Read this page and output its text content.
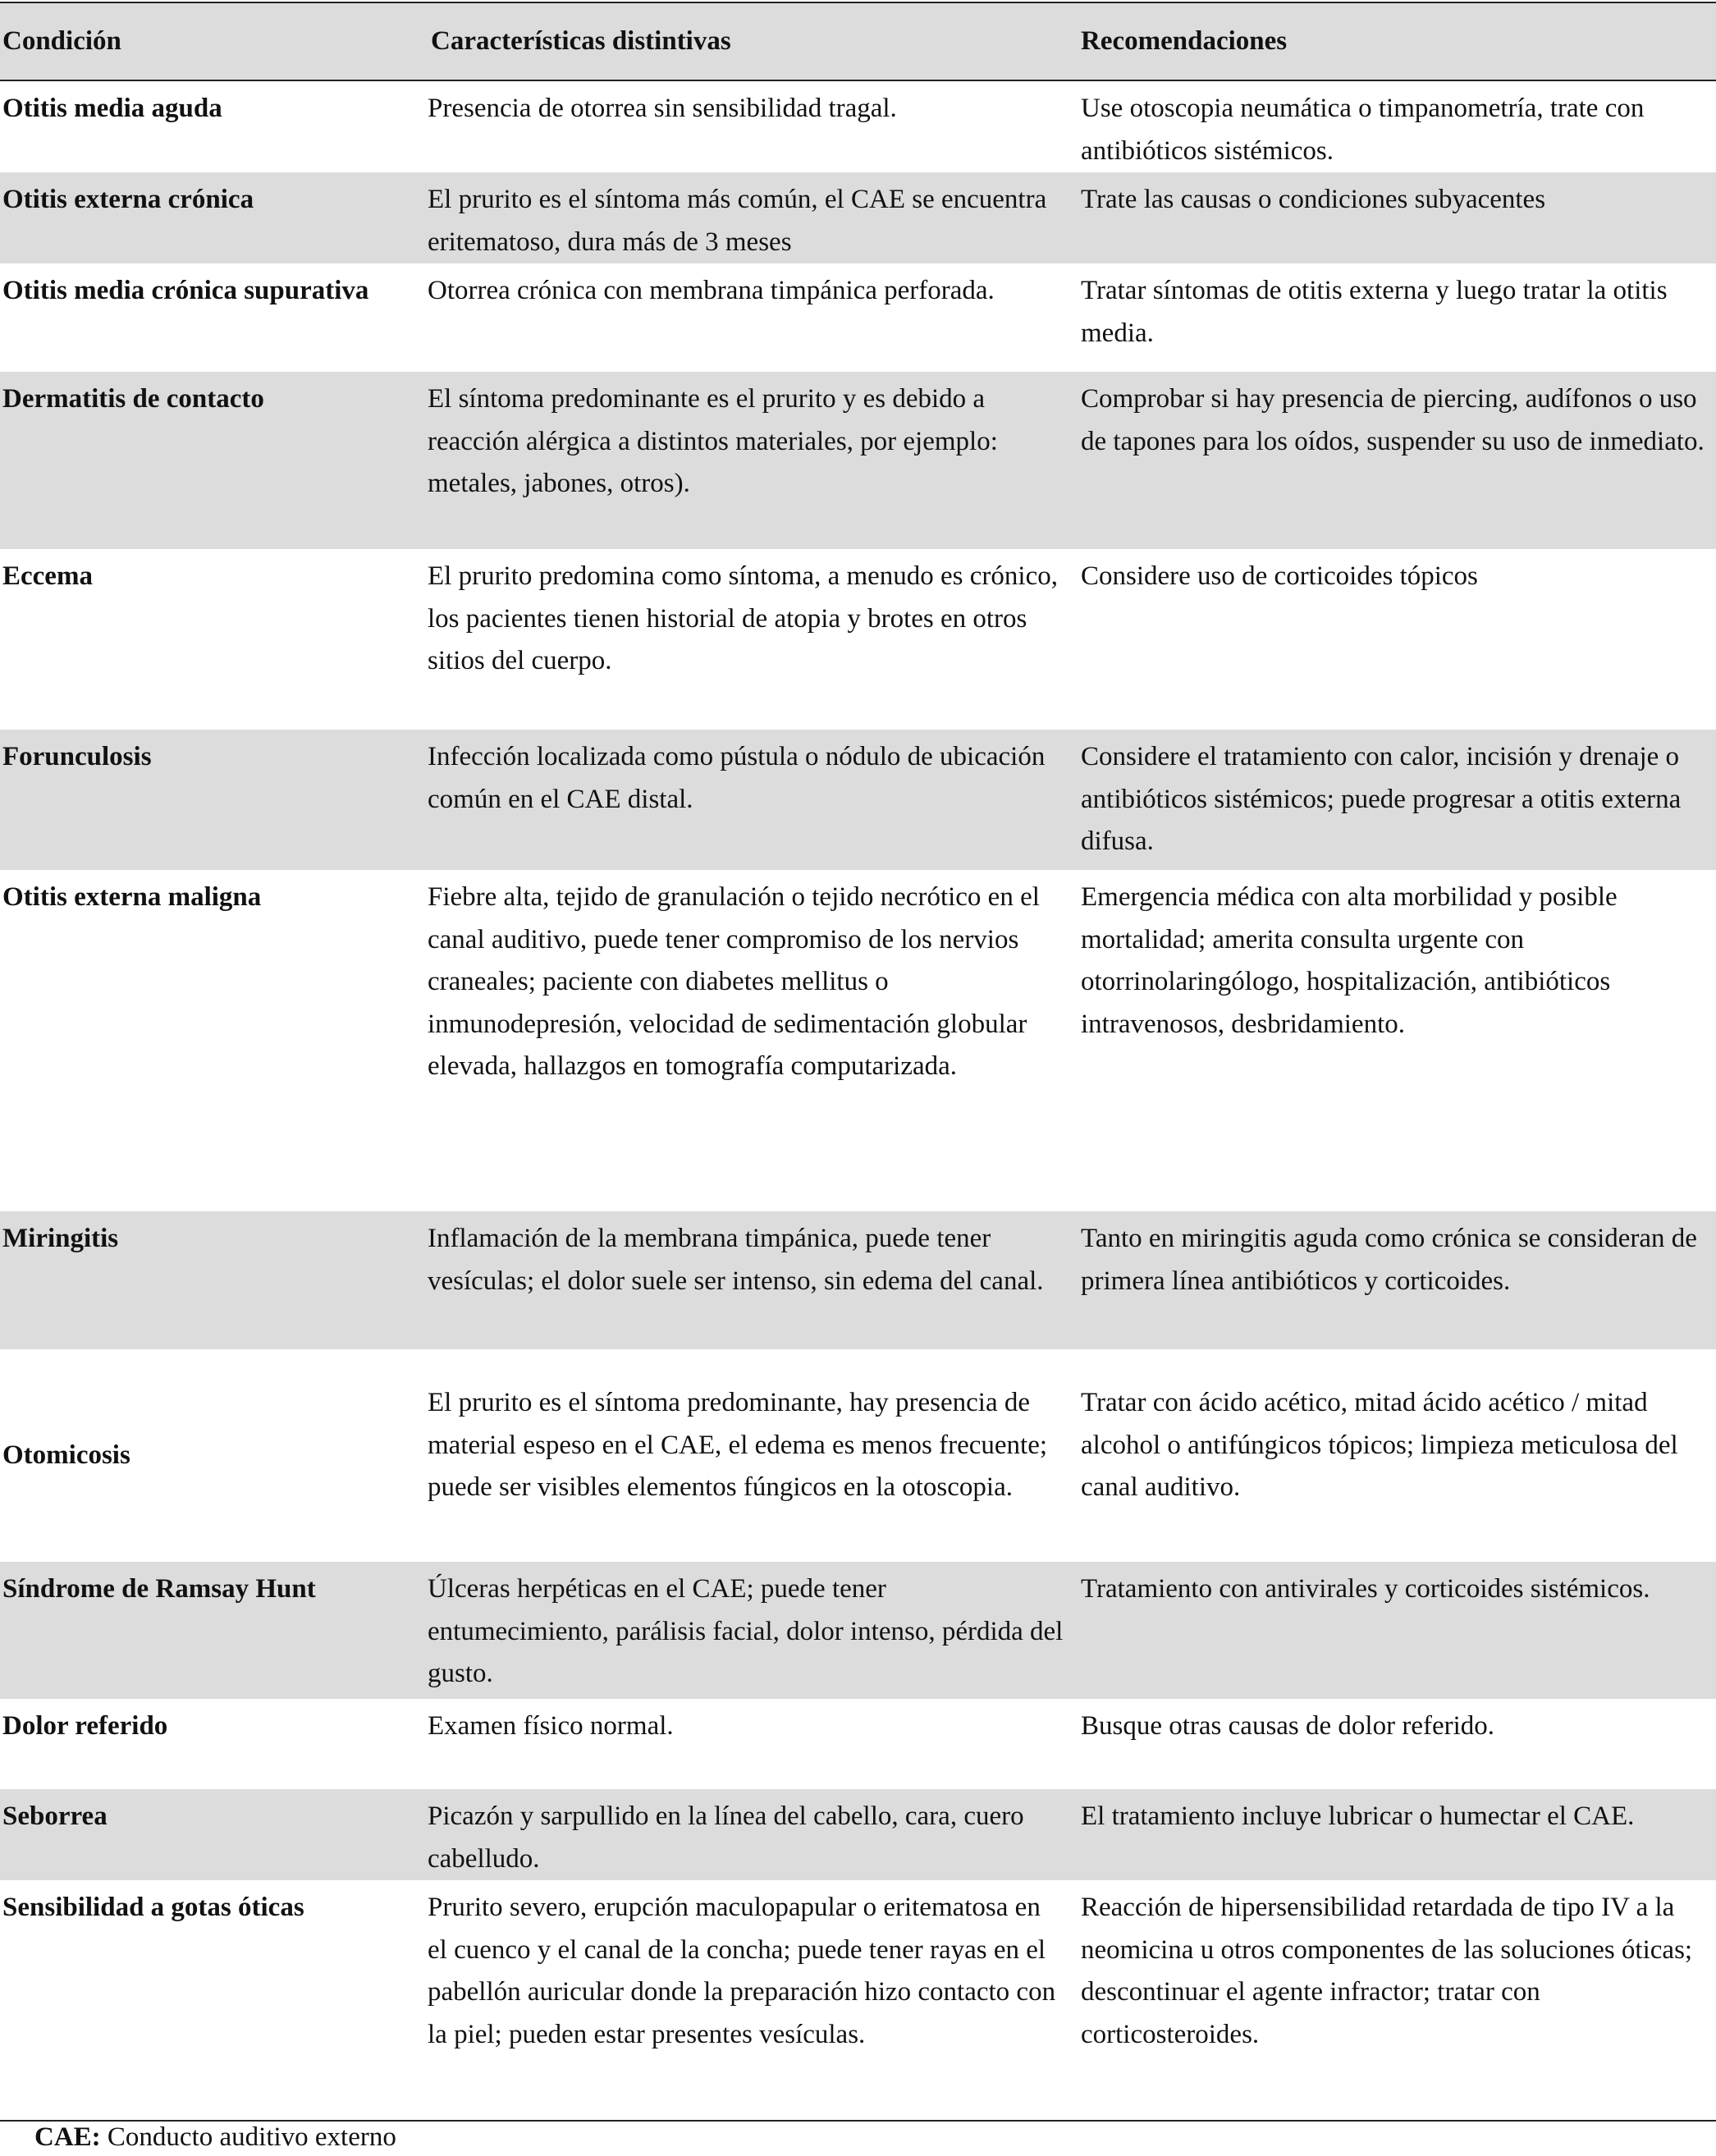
Condición	Características distintivas	Recomendaciones
Otitis media aguda	Presencia de otorrea sin sensibilidad tragal.	Use otoscopia neumática o timpanometría, trate con antibióticos sistémicos.
Otitis externa crónica	El prurito es el síntoma más común, el CAE se encuentra eritematoso, dura más de 3 meses	Trate las causas o condiciones subyacentes
Otitis media crónica supurativa	Otorrea crónica con membrana timpánica perforada.	Tratar síntomas de otitis externa y luego tratar la otitis media.
Dermatitis de contacto	El síntoma predominante es el prurito y es debido a reacción alérgica a distintos materiales, por ejemplo: metales, jabones, otros).	Comprobar si hay presencia de piercing, audífonos o uso de tapones para los oídos, suspender su uso de inmediato.
Eccema	El prurito predomina como síntoma, a menudo es crónico, los pacientes tienen historial de atopia y brotes en otros sitios del cuerpo.	Considere uso de corticoides tópicos
Forunculosis	Infección localizada como pústula o nódulo de ubicación común en el CAE distal.	Considere el tratamiento con calor, incisión y drenaje o antibióticos sistémicos; puede progresar a otitis externa difusa.
Otitis externa maligna	Fiebre alta, tejido de granulación o tejido necrótico en el canal auditivo, puede tener compromiso de los nervios craneales; paciente con diabetes mellitus o inmunodepresión, velocidad de sedimentación globular elevada, hallazgos en tomografía computarizada.	Emergencia médica con alta morbilidad y posible mortalidad; amerita consulta urgente con otorrinolaringólogo, hospitalización, antibióticos intravenosos, desbridamiento.
Miringitis	Inflamación de la membrana timpánica, puede tener vesículas; el dolor suele ser intenso, sin edema del canal.	Tanto en miringitis aguda como crónica se consideran de primera línea antibióticos y corticoides.
Otomicosis	El prurito es el síntoma predominante, hay presencia de material espeso en el CAE, el edema es menos frecuente; puede ser visibles elementos fúngicos en la otoscopia.	Tratar con ácido acético, mitad ácido acético / mitad alcohol o antifúngicos tópicos; limpieza meticulosa del canal auditivo.
Síndrome de Ramsay Hunt	Úlceras herpéticas en el CAE; puede tener entumecimiento, parálisis facial, dolor intenso, pérdida del gusto.	Tratamiento con antivirales y corticoides sistémicos.
Dolor referido	Examen físico normal.	Busque otras causas de dolor referido.
Seborrea	Picazón y sarpullido en la línea del cabello, cara, cuero cabelludo.	El tratamiento incluye lubricar o humectar el CAE.
Sensibilidad a gotas óticas	Prurito severo, erupción maculopapular o eritematosa en el cuenco y el canal de la concha; puede tener rayas en el pabellón auricular donde la preparación hizo contacto con la piel; pueden estar presentes vesículas.	Reacción de hipersensibilidad retardada de tipo IV a la neomicina u otros componentes de las soluciones óticas; descontinuar el agente infractor; tratar con corticosteroides.
CAE: Conducto auditivo externo
